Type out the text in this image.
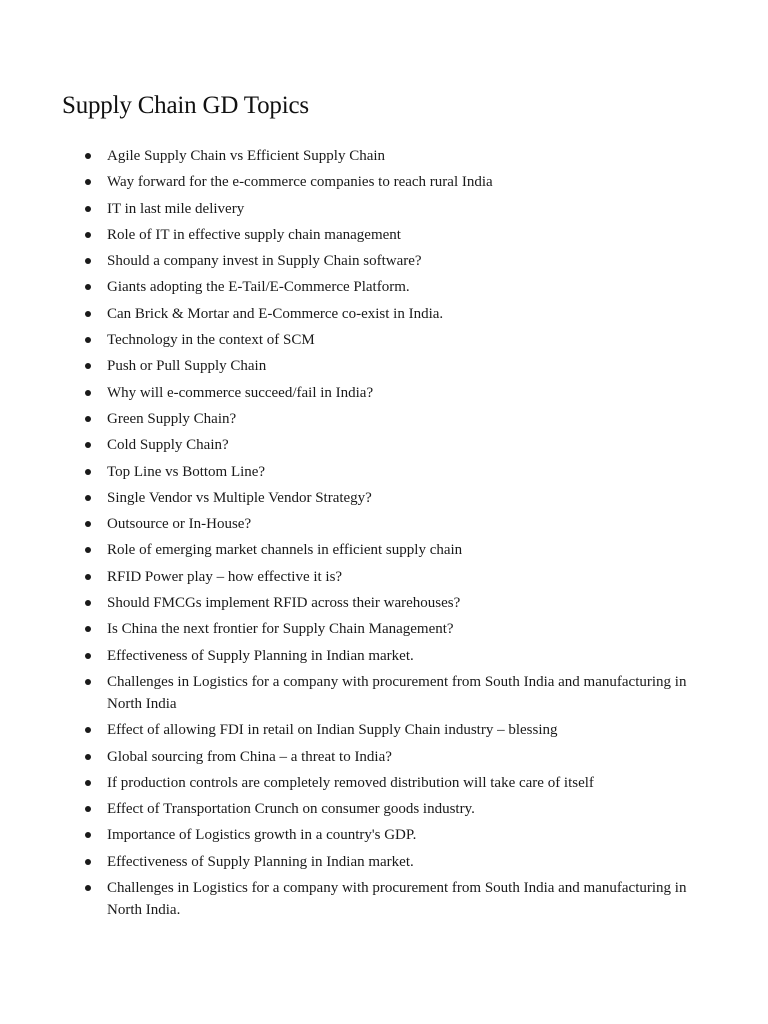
Supply Chain GD Topics
Agile Supply Chain vs Efficient Supply Chain
Way forward for the e-commerce companies to reach rural India
IT in last mile delivery
Role of IT in effective supply chain management
Should a company invest in Supply Chain software?
Giants adopting the E-Tail/E-Commerce Platform.
Can Brick & Mortar and E-Commerce co-exist in India.
Technology in the context of SCM
Push or Pull Supply Chain
Why will e-commerce succeed/fail in India?
Green Supply Chain?
Cold Supply Chain?
Top Line vs Bottom Line?
Single Vendor vs Multiple Vendor Strategy?
Outsource or In-House?
Role of emerging market channels in efficient supply chain
RFID Power play – how effective it is?
Should FMCGs implement RFID across their warehouses?
Is China the next frontier for Supply Chain Management?
Effectiveness of Supply Planning in Indian market.
Challenges in Logistics for a company with procurement from South India and manufacturing in North India
Effect of allowing FDI in retail on Indian Supply Chain industry – blessing
Global sourcing from China – a threat to India?
If production controls are completely removed distribution will take care of itself
Effect of Transportation Crunch on consumer goods industry.
Importance of Logistics growth in a country's GDP.
Effectiveness of Supply Planning in Indian market.
Challenges in Logistics for a company with procurement from South India and manufacturing in North India.
